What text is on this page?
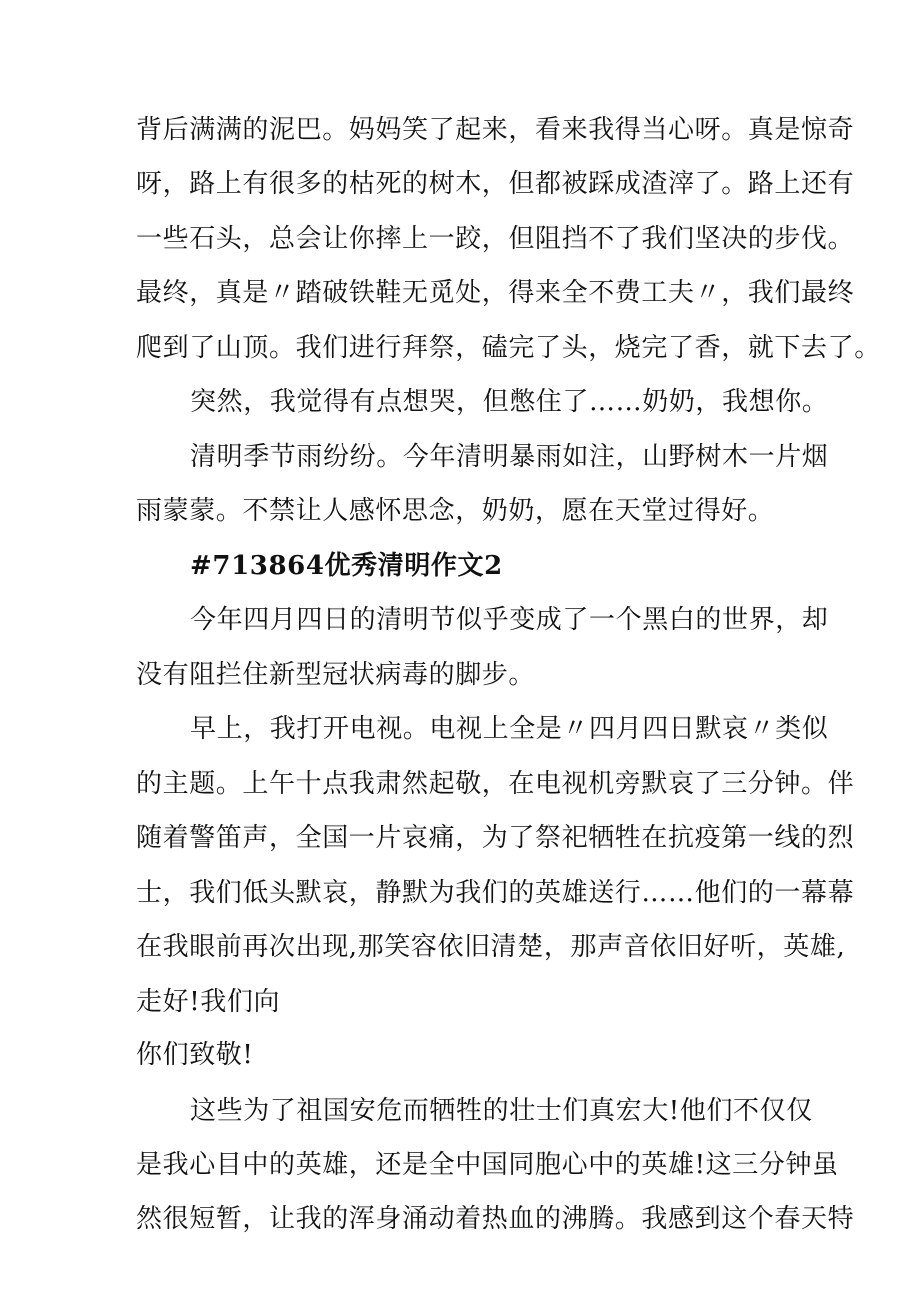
背后满满的泥巴。妈妈笑了起来，看来我得当心呀。真是惊奇
呀，路上有很多的枯死的树木，但都被踩成渣滓了。路上还有
一些石头，总会让你摔上一跤，但阻挡不了我们坚决的步伐。
最终，真是〃踏破铁鞋无觅处，得来全不费工夫〃，我们最终
爬到了山顶。我们进行拜祭，磕完了头，烧完了香，就下去了。
突然，我觉得有点想哭，但憋住了……奶奶，我想你。
清明季节雨纷纷。今年清明暴雨如注，山野树木一片烟
雨蒙蒙。不禁让人感怀思念，奶奶，愿在天堂过得好。
#713864优秀清明作文2
今年四月四日的清明节似乎变成了一个黑白的世界，却
没有阻拦住新型冠状病毒的脚步。
早上，我打开电视。电视上全是〃四月四日默哀〃类似
的主题。上午十点我肃然起敬，在电视机旁默哀了三分钟。伴
随着警笛声，全国一片哀痛，为了祭祀牺牲在抗疫第一线的烈
士，我们低头默哀，静默为我们的英雄送行……他们的一幕幕
在我眼前再次出现,那笑容依旧清楚，那声音依旧好听，英雄,
走好!我们向
你们致敬!
这些为了祖国安危而牺牲的壮士们真宏大!他们不仅仅
是我心目中的英雄，还是全中国同胞心中的英雄!这三分钟虽
然很短暂，让我的浑身涌动着热血的沸腾。我感到这个春天特
